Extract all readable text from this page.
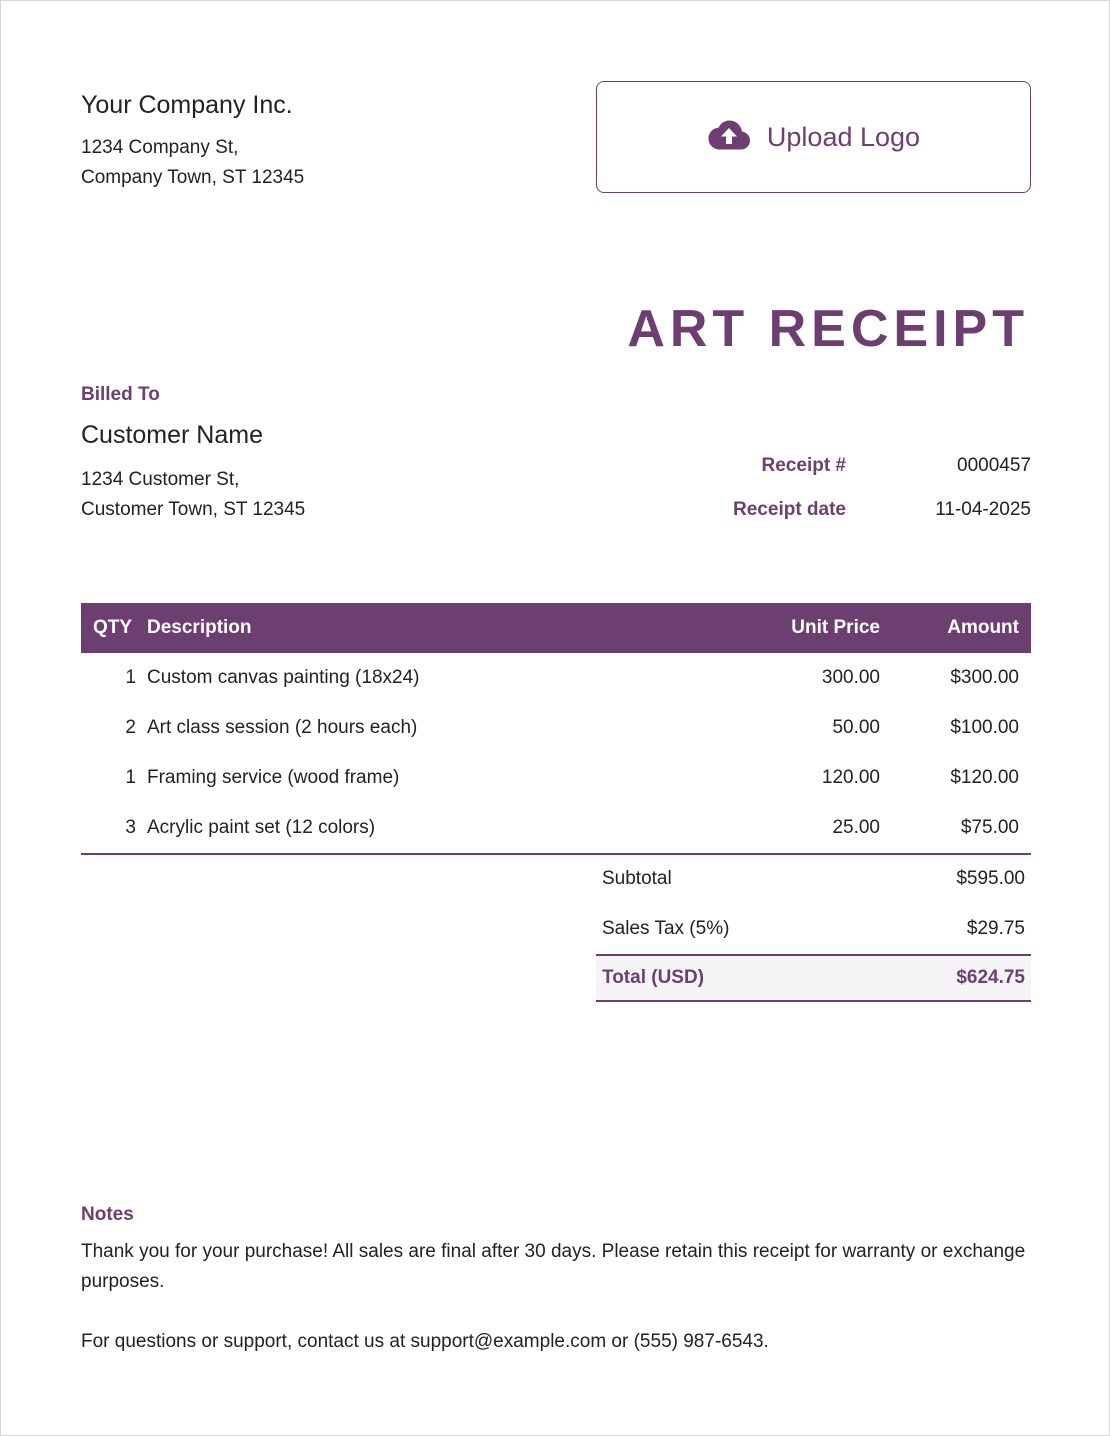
Your Company Inc.
1234 Company St,
Company Town, ST 12345
Upload Logo
ART RECEIPT
Billed To
Customer Name
1234 Customer St,
Customer Town, ST 12345
Receipt #	0000457
Receipt date	11-04-2025
QTY Description	Unit Price	Amount
1 Custom canvas painting (18x24)	300.00	$300.00
2 Art class session (2 hours each)	50.00	$100.00
1 Framing service (wood frame)	120.00	$120.00
3 Acrylic paint set (12 colors)	25.00	$75.00
Subtotal	$595.00
Sales Tax (5%)	$29.75
Total (USD)	$624.75
Notes
Thank you for your purchase! All sales are final after 30 days. Please retain this receipt for warranty or exchange purposes.
For questions or support, contact us at support@example.com or (555) 987-6543.
